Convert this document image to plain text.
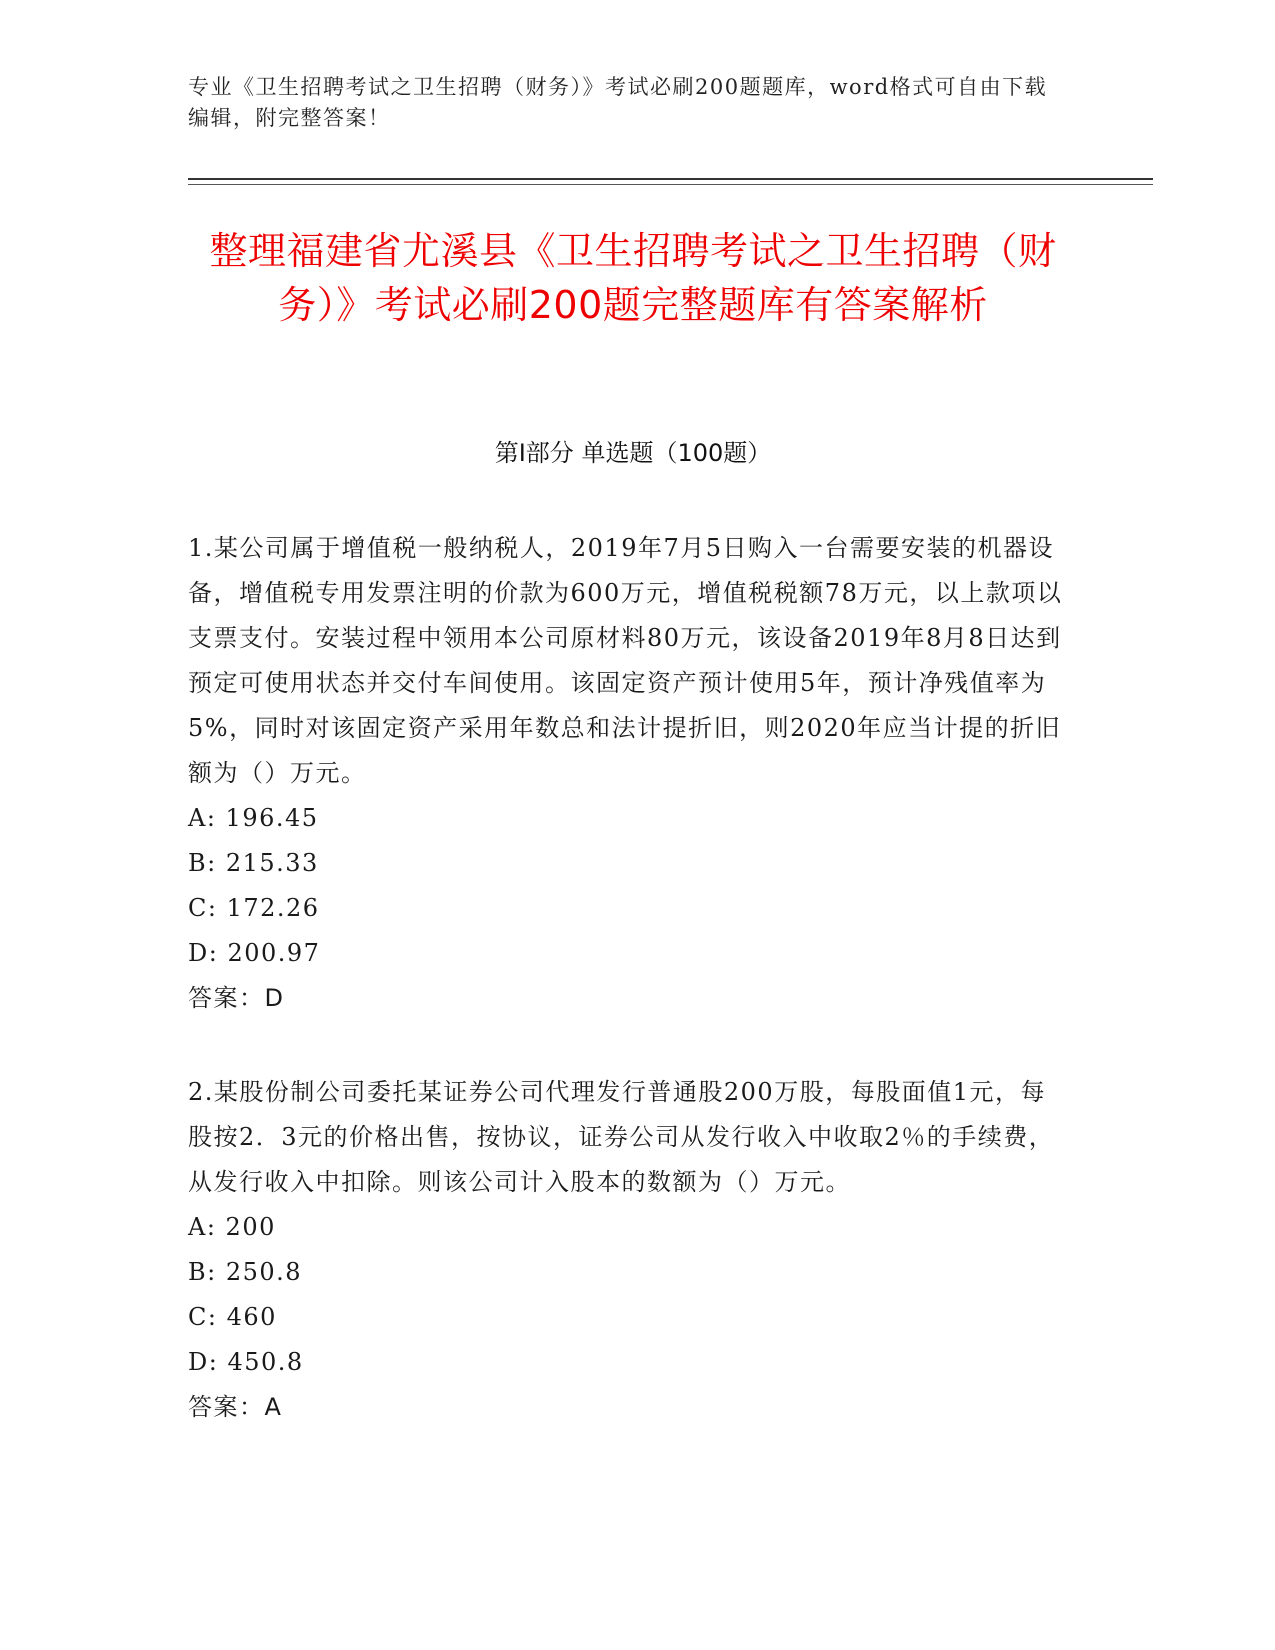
专业《卫生招聘考试之卫生招聘（财务）》考试必刷200题题库，word格式可自由下载编辑，附完整答案！
整理福建省尤溪县《卫生招聘考试之卫生招聘（财务）》考试必刷200题完整题库有答案解析
第Ⅰ部分 单选题（100题）

1.某公司属于增值税一般纳税人，2019年7月5日购入一台需要安装的机器设备，增值税专用发票注明的价款为600万元，增值税税额78万元，以上款项以支票支付。安装过程中领用本公司原材料80万元，该设备2019年8月8日达到预定可使用状态并交付车间使用。该固定资产预计使用5年，预计净残值率为5%，同时对该固定资产采用年数总和法计提折旧，则2020年应当计提的折旧额为（）万元。

A: 196.45

B: 215.33

C: 172.26

D: 200.97

答案：D

2.某股份制公司委托某证券公司代理发行普通股200万股，每股面值1元，每股按2．3元的价格出售，按协议，证券公司从发行收入中收取2％的手续费，从发行收入中扣除。则该公司计入股本的数额为（）万元。

A: 200

B: 250.8

C: 460

D: 450.8

答案：A
